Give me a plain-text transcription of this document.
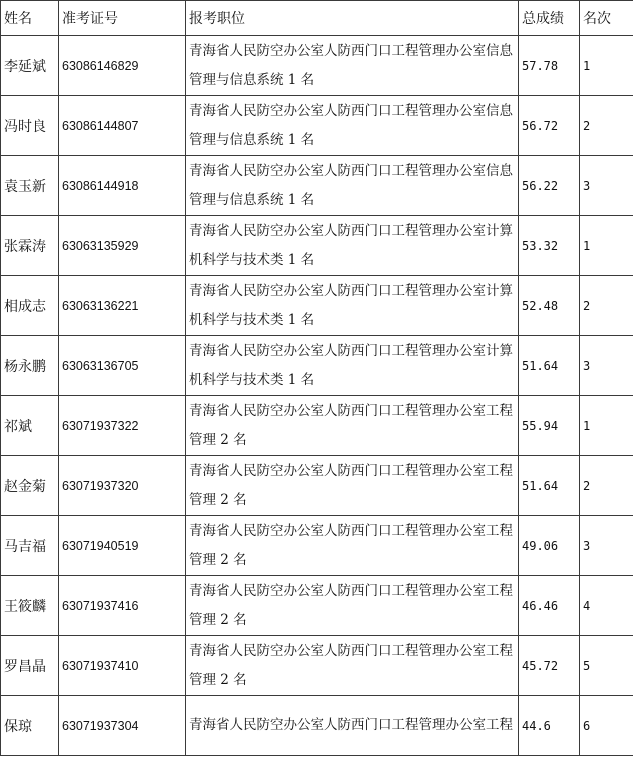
姓名	准考证号	报考职位	总成绩	名次
李延斌	63086146829	青海省人民防空办公室人防西门口工程管理办公室信息管理与信息系统 1 名	57.78	1
冯时良	63086144807	青海省人民防空办公室人防西门口工程管理办公室信息管理与信息系统 1 名	56.72	2
袁玉新	63086144918	青海省人民防空办公室人防西门口工程管理办公室信息管理与信息系统 1 名	56.22	3
张霖涛	63063135929	青海省人民防空办公室人防西门口工程管理办公室计算机科学与技术类 1 名	53.32	1
相成志	63063136221	青海省人民防空办公室人防西门口工程管理办公室计算机科学与技术类 1 名	52.48	2
杨永鹏	63063136705	青海省人民防空办公室人防西门口工程管理办公室计算机科学与技术类 1 名	51.64	3
祁斌	63071937322	青海省人民防空办公室人防西门口工程管理办公室工程管理 2 名	55.94	1
赵金菊	63071937320	青海省人民防空办公室人防西门口工程管理办公室工程管理 2 名	51.64	2
马吉福	63071940519	青海省人民防空办公室人防西门口工程管理办公室工程管理 2 名	49.06	3
王筱麟	63071937416	青海省人民防空办公室人防西门口工程管理办公室工程管理 2 名	46.46	4
罗昌晶	63071937410	青海省人民防空办公室人防西门口工程管理办公室工程管理 2 名	45.72	5
保琼	63071937304	青海省人民防空办公室人防西门口工程管理办公室工程	44.6	6
